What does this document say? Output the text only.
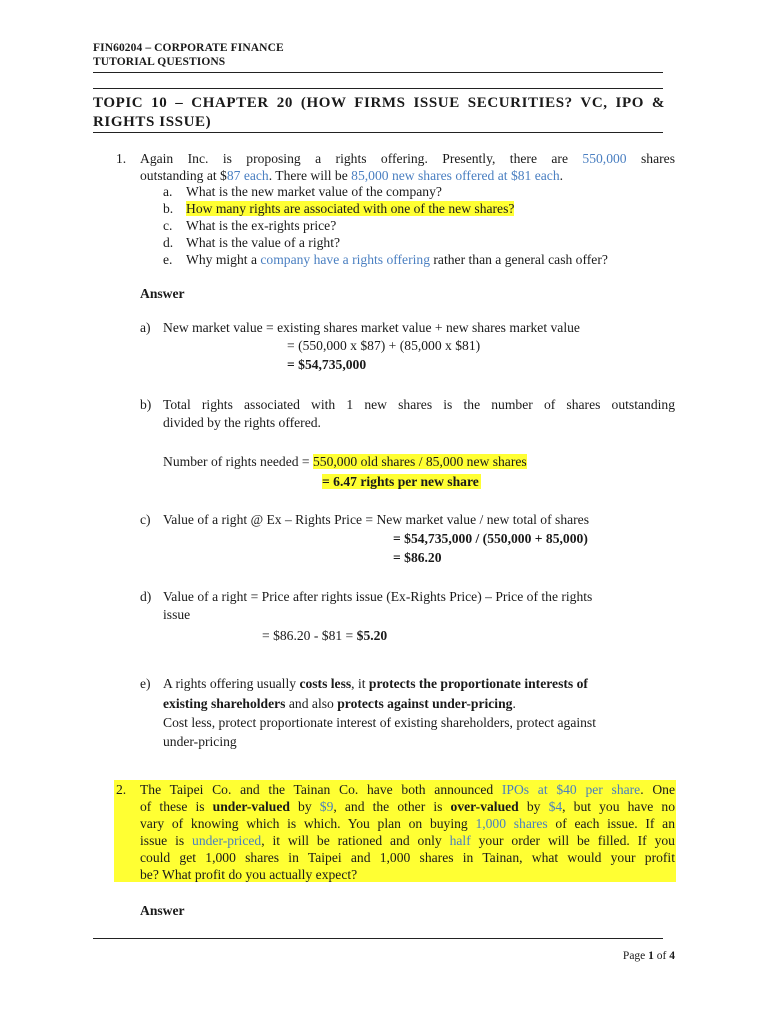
FIN60204 – CORPORATE FINANCE
TUTORIAL QUESTIONS
TOPIC 10 – CHAPTER 20 (HOW FIRMS ISSUE SECURITIES? VC, IPO & RIGHTS ISSUE)
1. Again Inc. is proposing a rights offering. Presently, there are 550,000 shares
outstanding at $87 each. There will be 85,000 new shares offered at $81 each.
a. What is the new market value of the company?
b. How many rights are associated with one of the new shares?
c. What is the ex-rights price?
d. What is the value of a right?
e. Why might a company have a rights offering rather than a general cash offer?
Answer
a) New market value = existing shares market value + new shares market value
= (550,000 x $87) + (85,000 x $81)
= $54,735,000
b) Total rights associated with 1 new shares is the number of shares outstanding
divided by the rights offered.
Number of rights needed = 550,000 old shares / 85,000 new shares
= 6.47 rights per new share
c) Value of a right @ Ex – Rights Price = New market value / new total of shares
= $54,735,000 / (550,000 + 85,000)
= $86.20
d) Value of a right = Price after rights issue (Ex-Rights Price) – Price of the rights
issue
= $86.20 - $81 = $5.20
e) A rights offering usually costs less, it protects the proportionate interests of
existing shareholders and also protects against under-pricing.
Cost less, protect proportionate interest of existing shareholders, protect against
under-pricing
2. The Taipei Co. and the Tainan Co. have both announced IPOs at $40 per share. One
of these is under-valued by $9, and the other is over-valued by $4, but you have no
vary of knowing which is which. You plan on buying 1,000 shares of each issue. If an
issue is under-priced, it will be rationed and only half your order will be filled. If you
could get 1,000 shares in Taipei and 1,000 shares in Tainan, what would your profit
be? What profit do you actually expect?
Answer
Page 1 of 4
